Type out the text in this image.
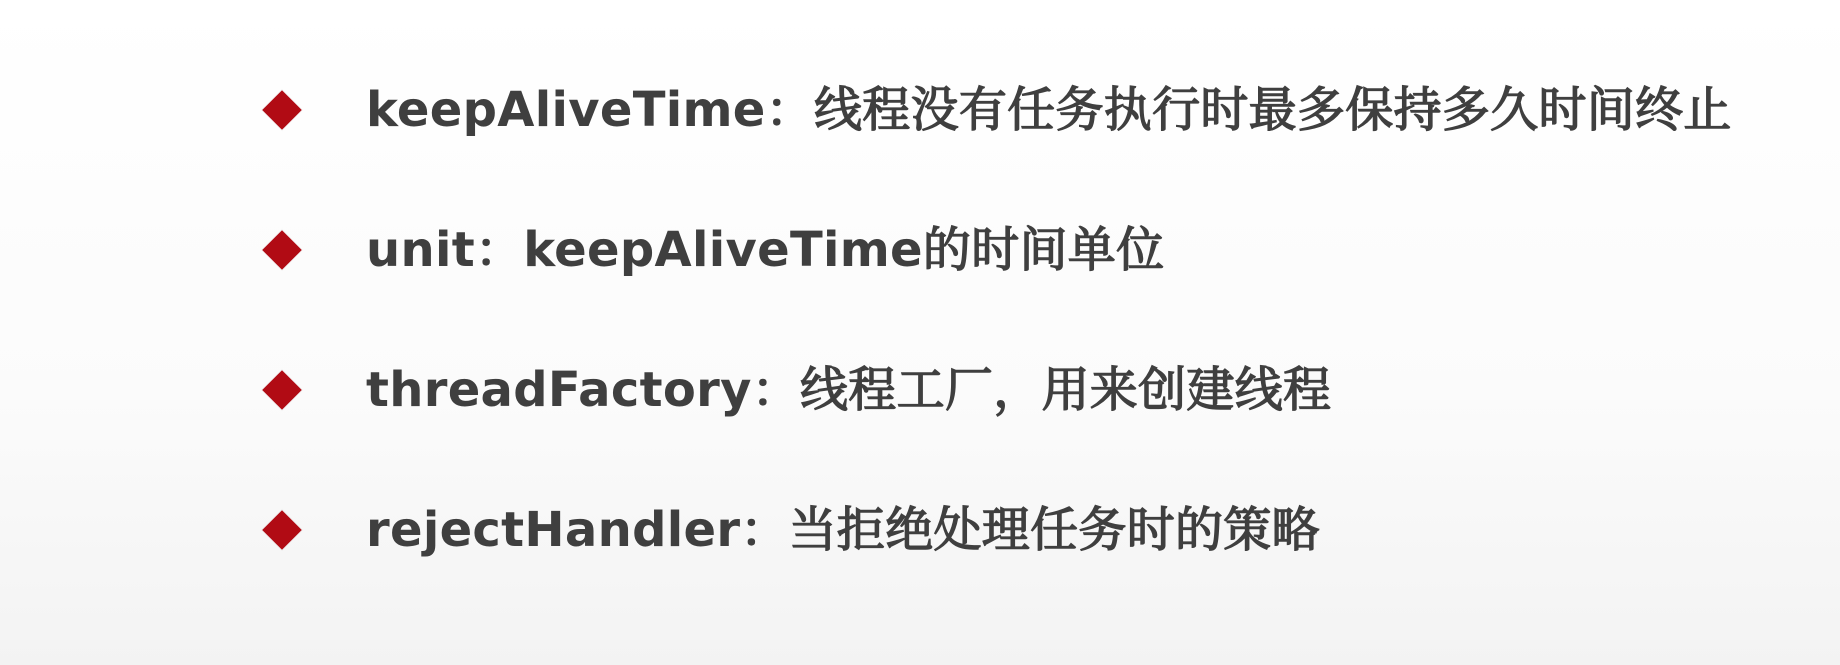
keepAliveTime：线程没有任务执行时最多保持多久时间终止
unit：keepAliveTime的时间单位
threadFactory：线程工厂，用来创建线程
rejectHandler：当拒绝处理任务时的策略
